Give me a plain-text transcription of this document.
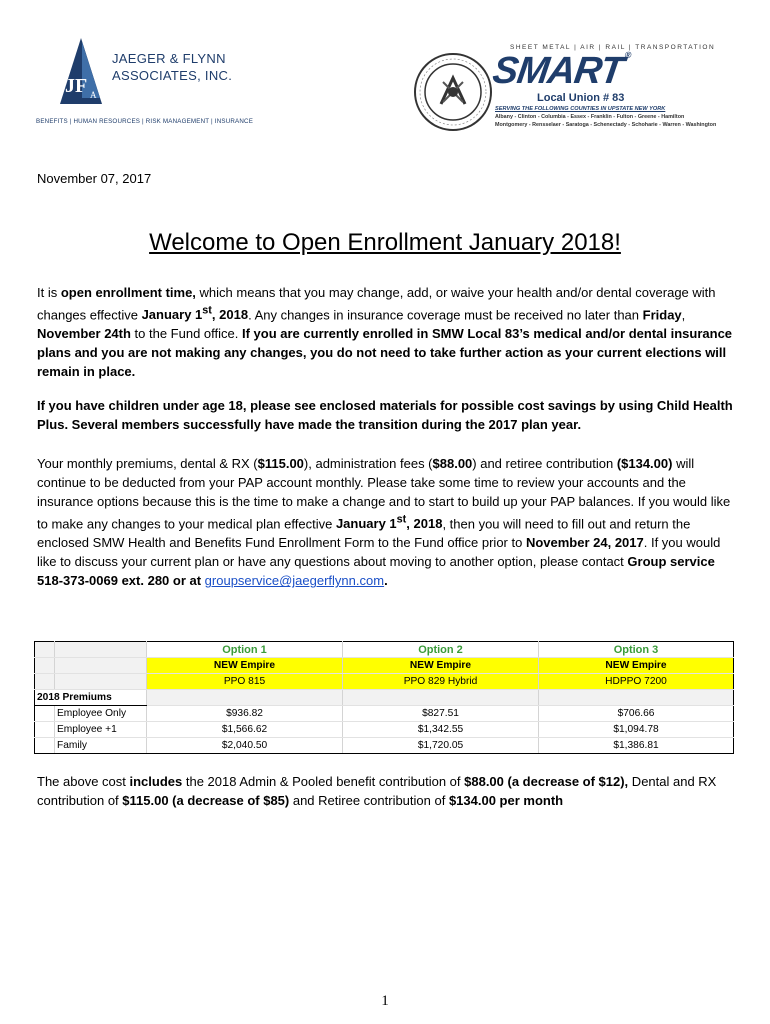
JF A
JAEGER & FLYNN
ASSOCIATES, INC.
BENEFITS | HUMAN RESOURCES | RISK MANAGEMENT | INSURANCE
SHEET METAL | AIR | RAIL | TRANSPORTATION
SMART®
Local Union # 83
SERVING THE FOLLOWING COUNTIES IN UPSTATE NEW YORK
Albany - Clinton - Columbia - Essex - Franklin - Fulton - Greene - Hamilton
Montgomery - Rensselaer - Saratoga - Schenectady - Schoharie - Warren - Washington
November 07, 2017
Welcome to Open Enrollment January 2018!
It is open enrollment time, which means that you may change, add, or waive your health and/or dental coverage with changes effective January 1st, 2018. Any changes in insurance coverage must be received no later than Friday, November 24th to the Fund office. If you are currently enrolled in SMW Local 83’s medical and/or dental insurance plans and you are not making any changes, you do not need to take further action as your current elections will remain in place.
If you have children under age 18, please see enclosed materials for possible cost savings by using Child Health Plus. Several members successfully have made the transition during the 2017 plan year.
Your monthly premiums, dental & RX ($115.00), administration fees ($88.00) and retiree contribution ($134.00) will continue to be deducted from your PAP account monthly. Please take some time to review your accounts and the insurance options because this is the time to make a change and to start to build up your PAP balances. If you would like to make any changes to your medical plan effective January 1st, 2018, then you will need to fill out and return the enclosed SMW Health and Benefits Fund Enrollment Form to the Fund office prior to November 24, 2017. If you would like to discuss your current plan or have any questions about moving to another option, please contact Group service 518-373-0069 ext. 280 or at groupservice@jaegerflynn.com.
		Option 1	Option 2	Option 3
		NEW Empire	NEW Empire	NEW Empire
		PPO 815	PPO 829 Hybrid	HDPPO 7200
2018 Premiums				
	Employee Only	$936.82	$827.51	$706.66
	Employee +1	$1,566.62	$1,342.55	$1,094.78
	Family	$2,040.50	$1,720.05	$1,386.81
The above cost includes the 2018 Admin & Pooled benefit contribution of $88.00 (a decrease of $12), Dental and RX contribution of $115.00 (a decrease of $85) and Retiree contribution of $134.00 per month
1
